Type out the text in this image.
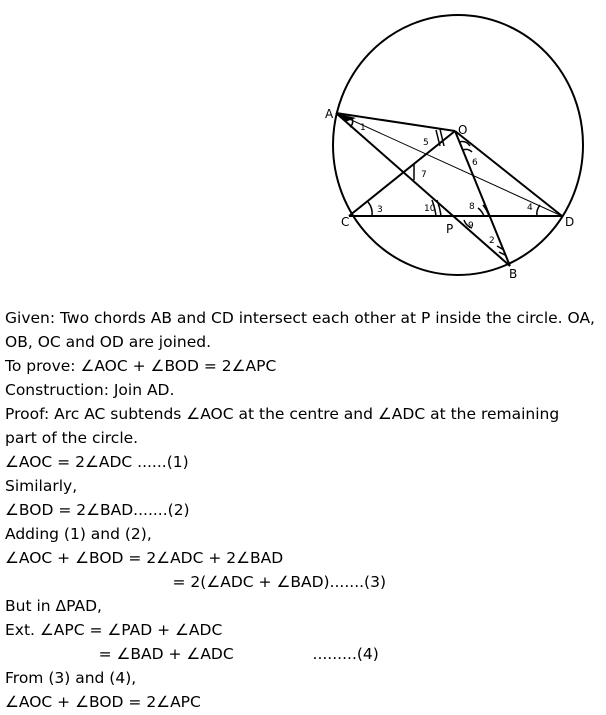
A
O
C	P	D
B
1
5
6
7
3	10	8	4
9
2
Given: Two chords AB and CD intersect each other at P inside the circle. OA,
OB, OC and OD are joined.
To prove: ∠AOC + ∠BOD = 2∠APC
Construction: Join AD.
Proof: Arc AC subtends ∠AOC at the centre and ∠ADC at the remaining
part of the circle.
∠AOC = 2∠ADC ......(1)
Similarly,
∠BOD = 2∠BAD.......(2)
Adding (1) and (2),
∠AOC + ∠BOD = 2∠ADC + 2∠BAD
= 2(∠ADC + ∠BAD).......(3)
But in ΔPAD,
Ext. ∠APC = ∠PAD + ∠ADC
= ∠BAD + ∠ADC                .........(4)
From (3) and (4),
∠AOC + ∠BOD = 2∠APC
